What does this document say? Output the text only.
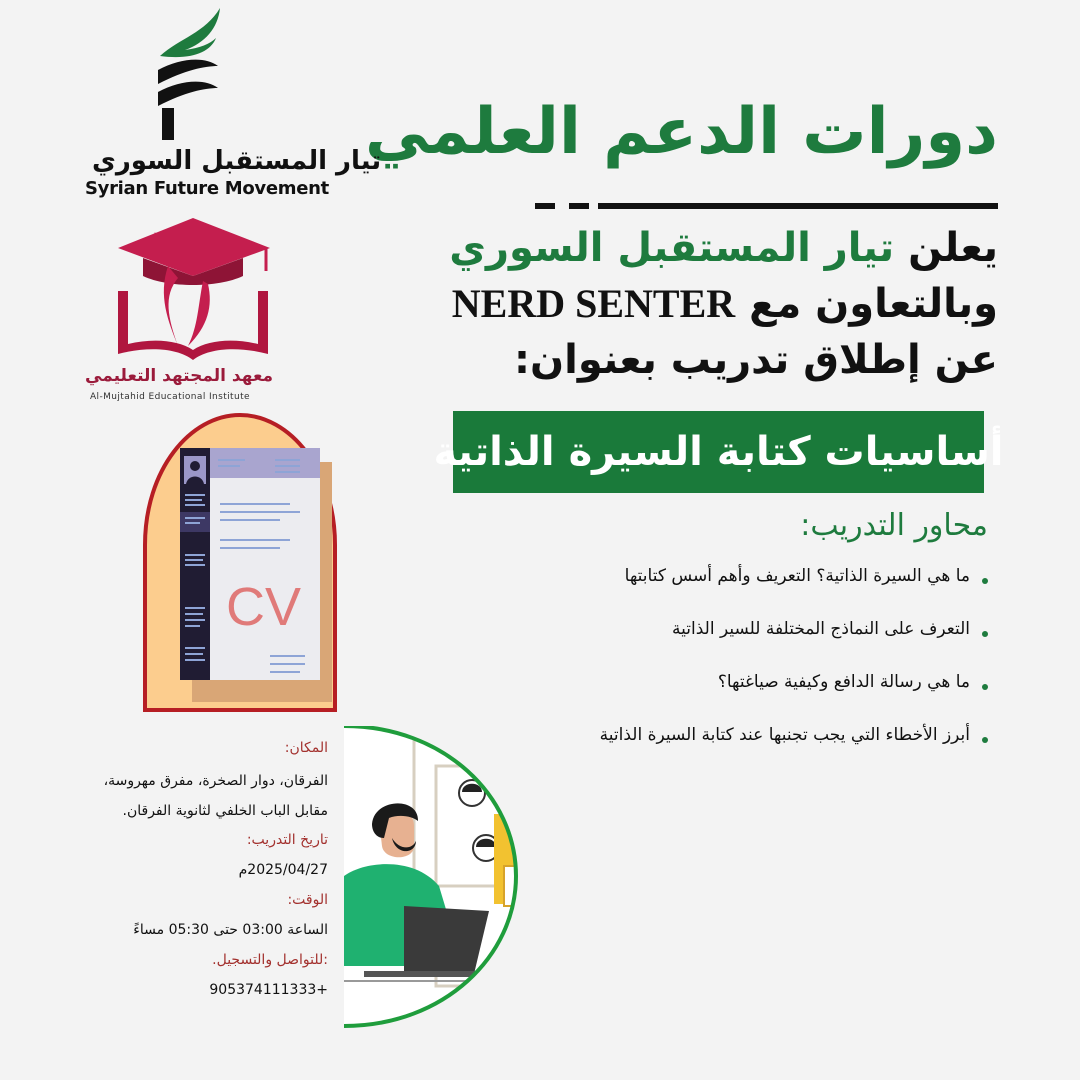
دورات الدعم العلمي
يعلن تيار المستقبل السوري
وبالتعاون مع NERD SENTER
عن إطلاق تدريب بعنوان:
أساسيات كتابة السيرة الذاتية
محاور التدريب:
ما هي السيرة الذاتية؟ التعريف وأهم أسس كتابتها
التعرف على النماذج المختلفة للسير الذاتية
ما هي رسالة الدافع وكيفية صياغتها؟
أبرز الأخطاء التي يجب تجنبها عند كتابة السيرة الذاتية
المكان:
الفرقان، دوار الصخرة، مفرق مهروسة،
مقابل الباب الخلفي لثانوية الفرقان.
تاريخ التدريب:
2025/04/27م
الوقت:
الساعة 03:00 حتى 05:30 مساءً
:للتواصل والتسجيل.
+905374111333
تيار المستقبل السوري
Syrian Future Movement
معهد المجتهد التعليمي
Al-Mujtahid Educational Institute
CV
